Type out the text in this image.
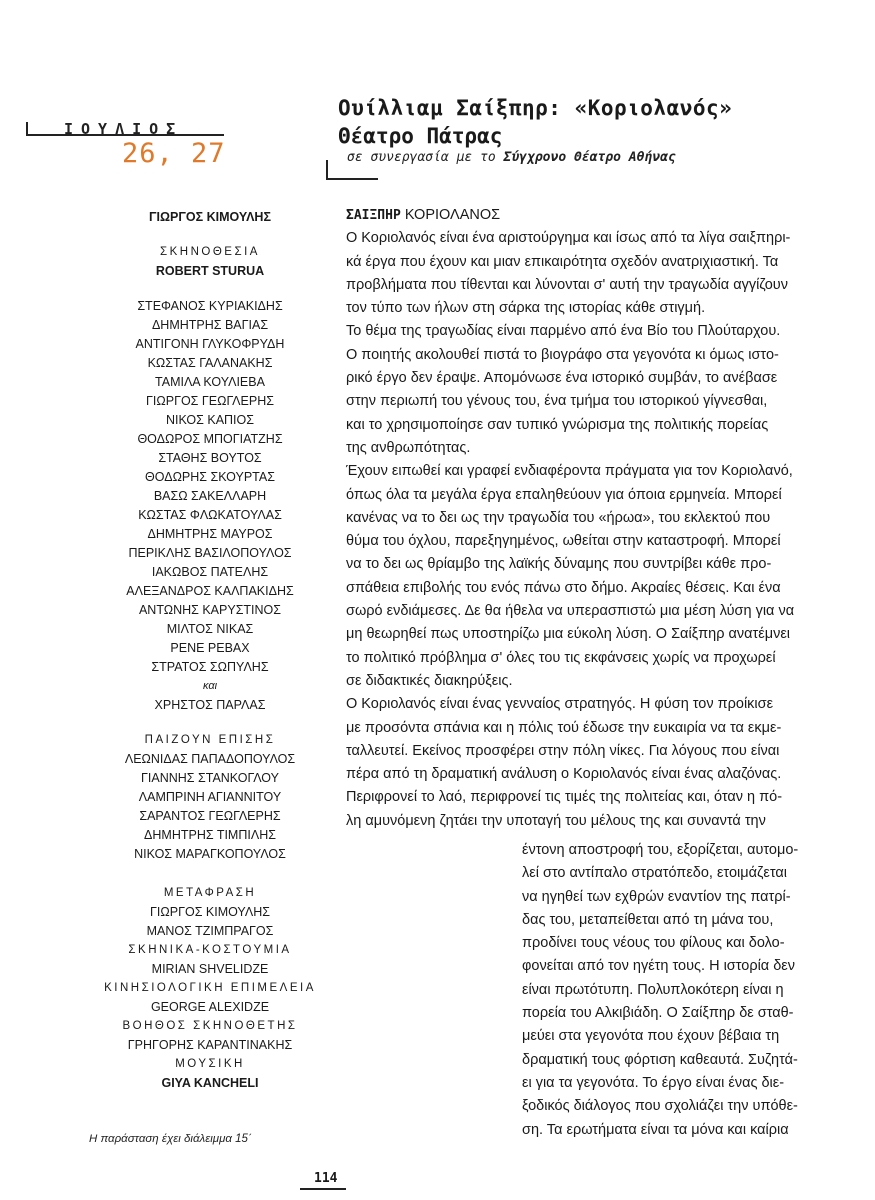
ΙΟΥΛΙΟΣ
26, 27
Ουίλλιαμ Σαίξπηρ: «Κοριολανός»
Θέατρο Πάτρας
σε συνεργασία με το Σύγχρονο Θέατρο Αθήνας
ΓΙΩΡΓΟΣ ΚΙΜΟΥΛΗΣ
ΣΚΗΝΟΘΕΣΙΑ
ROBERT STURUA
ΣΤΕΦΑΝΟΣ ΚΥΡΙΑΚΙΔΗΣ
ΔΗΜΗΤΡΗΣ ΒΑΓΙΑΣ
ΑΝΤΙΓΟΝΗ ΓΛΥΚΟΦΡΥΔΗ
ΚΩΣΤΑΣ ΓΑΛΑΝΑΚΗΣ
ΤΑΜΙΛΑ ΚΟΥΛΙΕΒΑ
ΓΙΩΡΓΟΣ ΓΕΩΓΛΕΡΗΣ
ΝΙΚΟΣ ΚΑΠΙΟΣ
ΘΟΔΩΡΟΣ ΜΠΟΓΙΑΤΖΗΣ
ΣΤΑΘΗΣ ΒΟΥΤΟΣ
ΘΟΔΩΡΗΣ ΣΚΟΥΡΤΑΣ
ΒΑΣΩ ΣΑΚΕΛΛΑΡΗ
ΚΩΣΤΑΣ ΦΛΩΚΑΤΟΥΛΑΣ
ΔΗΜΗΤΡΗΣ ΜΑΥΡΟΣ
ΠΕΡΙΚΛΗΣ ΒΑΣΙΛΟΠΟΥΛΟΣ
ΙΑΚΩΒΟΣ ΠΑΤΕΛΗΣ
ΑΛΕΞΑΝΔΡΟΣ ΚΑΛΠΑΚΙΔΗΣ
ΑΝΤΩΝΗΣ ΚΑΡΥΣΤΙΝΟΣ
ΜΙΛΤΟΣ ΝΙΚΑΣ
ΡΕΝΕ ΡΕΒΑΧ
ΣΤΡΑΤΟΣ ΣΩΠΥΛΗΣ
και
ΧΡΗΣΤΟΣ ΠΑΡΛΑΣ
ΠΑΙΖΟΥΝ ΕΠΙΣΗΣ
ΛΕΩΝΙΔΑΣ ΠΑΠΑΔΟΠΟΥΛΟΣ
ΓΙΑΝΝΗΣ ΣΤΑΝΚΟΓΛΟΥ
ΛΑΜΠΡΙΝΗ ΑΓΙΑΝΝΙΤΟΥ
ΣΑΡΑΝΤΟΣ ΓΕΩΓΛΕΡΗΣ
ΔΗΜΗΤΡΗΣ ΤΙΜΠΙΛΗΣ
ΝΙΚΟΣ ΜΑΡΑΓΚΟΠΟΥΛΟΣ
ΜΕΤΑΦΡΑΣΗ
ΓΙΩΡΓΟΣ ΚΙΜΟΥΛΗΣ
ΜΑΝΟΣ ΤΖΙΜΠΡΑΓΟΣ
ΣΚΗΝΙΚΑ-ΚΟΣΤΟΥΜΙΑ
MIRIAN SHVELIDZE
ΚΙΝΗΣΙΟΛΟΓΙΚΗ ΕΠΙΜΕΛΕΙΑ
GEORGE ALEXIDZE
ΒΟΗΘΟΣ ΣΚΗΝΟΘΕΤΗΣ
ΓΡΗΓΟΡΗΣ ΚΑΡΑΝΤΙΝΑΚΗΣ
ΜΟΥΣΙΚΗ
GIYA KANCHELI
Η παράσταση έχει διάλειμμα 15΄
ΣΑΙΞΠΗΡ ΚΟΡΙΟΛΑΝΟΣ
Ο Κοριολανός είναι ένα αριστούργημα και ίσως από τα λίγα σαιξπηρι-
κά έργα που έχουν και μιαν επικαιρότητα σχεδόν ανατριχιαστική. Τα
προβλήματα που τίθενται και λύνονται σ' αυτή την τραγωδία αγγίζουν
τον τύπο των ήλων στη σάρκα της ιστορίας κάθε στιγμή.
Το θέμα της τραγωδίας είναι παρμένο από ένα Βίο του Πλούταρχου.
Ο ποιητής ακολουθεί πιστά το βιογράφο στα γεγονότα κι όμως ιστο-
ρικό έργο δεν έραψε. Απομόνωσε ένα ιστορικό συμβάν, το ανέβασε
στην περιωπή του γένους του, ένα τμήμα του ιστορικού γίγνεσθαι,
και το χρησιμοποίησε σαν τυπικό γνώρισμα της πολιτικής πορείας
της ανθρωπότητας.
Έχουν ειπωθεί και γραφεί ενδιαφέροντα πράγματα για τον Κοριολανό,
όπως όλα τα μεγάλα έργα επαληθεύουν για όποια ερμηνεία. Μπορεί
κανένας να το δει ως την τραγωδία του «ήρωα», του εκλεκτού που
θύμα του όχλου, παρεξηγημένος, ωθείται στην καταστροφή. Μπορεί
να το δει ως θρίαμβο της λαϊκής δύναμης που συντρίβει κάθε προ-
σπάθεια επιβολής του ενός πάνω στο δήμο. Ακραίες θέσεις. Και ένα
σωρό ενδιάμεσες. Δε θα ήθελα να υπερασπιστώ μια μέση λύση για να
μη θεωρηθεί πως υποστηρίζω μια εύκολη λύση. Ο Σαίξπηρ ανατέμνει
το πολιτικό πρόβλημα σ' όλες του τις εκφάνσεις χωρίς να προχωρεί
σε διδακτικές διακηρύξεις.
Ο Κοριολανός είναι ένας γενναίος στρατηγός. Η φύση τον προίκισε
με προσόντα σπάνια και η πόλις τού έδωσε την ευκαιρία να τα εκμε-
ταλλευτεί. Εκείνος προσφέρει στην πόλη νίκες. Για λόγους που είναι
πέρα από τη δραματική ανάλυση ο Κοριολανός είναι ένας αλαζόνας.
Περιφρονεί το λαό, περιφρονεί τις τιμές της πολιτείας και, όταν η πό-
λη αμυνόμενη ζητάει την υποταγή του μέλους της και συναντά την
έντονη αποστροφή του, εξορίζεται, αυτομο-
λεί στο αντίπαλο στρατόπεδο, ετοιμάζεται
να ηγηθεί των εχθρών εναντίον της πατρί-
δας του, μεταπείθεται από τη μάνα του,
προδίνει τους νέους του φίλους και δολο-
φονείται από τον ηγέτη τους. Η ιστορία δεν
είναι πρωτότυπη. Πολυπλοκότερη είναι η
πορεία του Αλκιβιάδη. Ο Σαίξπηρ δε σταθ-
μεύει στα γεγονότα που έχουν βέβαια τη
δραματική τους φόρτιση καθεαυτά. Συζητά-
ει για τα γεγονότα. Το έργο είναι ένας διε-
ξοδικός διάλογος που σχολιάζει την υπόθε-
ση. Τα ερωτήματα είναι τα μόνα και καίρια
114
